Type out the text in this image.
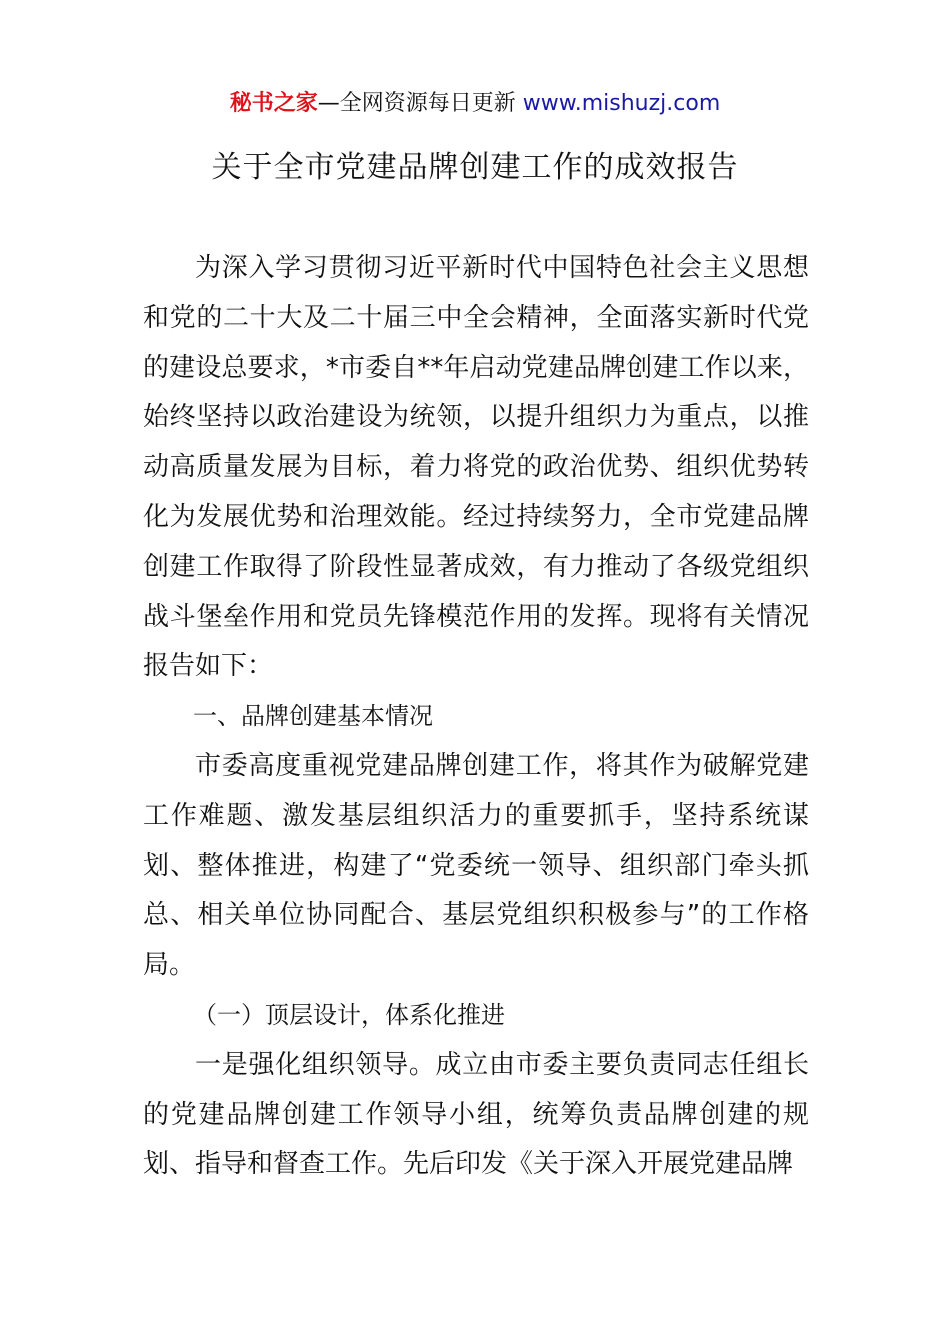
秘书之家—全网资源每日更新 www.mishuzj.com
关于全市党建品牌创建工作的成效报告

为深入学习贯彻习近平新时代中国特色社会主义思想和党的二十大及二十届三中全会精神，全面落实新时代党的建设总要求，*市委自**年启动党建品牌创建工作以来，始终坚持以政治建设为统领，以提升组织力为重点，以推动高质量发展为目标，着力将党的政治优势、组织优势转化为发展优势和治理效能。经过持续努力，全市党建品牌创建工作取得了阶段性显著成效，有力推动了各级党组织战斗堡垒作用和党员先锋模范作用的发挥。现将有关情况报告如下：

一、品牌创建基本情况

市委高度重视党建品牌创建工作，将其作为破解党建工作难题、激发基层组织活力的重要抓手，坚持系统谋划、整体推进，构建了“党委统一领导、组织部门牵头抓总、相关单位协同配合、基层党组织积极参与”的工作格局。

（一）顶层设计，体系化推进

一是强化组织领导。成立由市委主要负责同志任组长的党建品牌创建工作领导小组，统筹负责品牌创建的规划、指导和督查工作。先后印发《关于深入开展党建品牌
